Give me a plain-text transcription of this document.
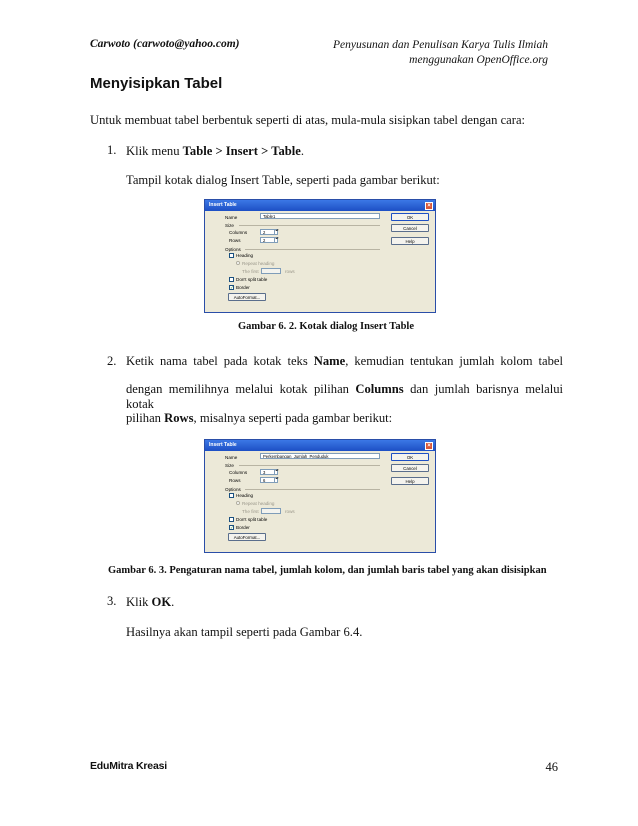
Carwoto (carwoto@yahoo.com)	Penyusunan dan Penulisan Karya Tulis Ilmiah
menggunakan OpenOffice.org
Menyisipkan Tabel
Untuk membuat tabel berbentuk seperti di atas, mula-mula sisipkan tabel dengan cara:
1. Klik menu Table > Insert > Table.
Tampil kotak dialog Insert Table, seperti pada gambar berikut:
Insert Table	×
Name	Table1
Size
Columns	2	▴▾
Rows	2	▴▾
Options
Heading
Repeat heading
The first	rows
Don't split table
✓ Border
AutoFormat...
OK
Cancel
Help
Gambar 6. 2. Kotak dialog Insert Table
2. Ketik nama tabel pada kotak teks Name, kemudian tentukan jumlah kolom tabel
dengan memilihnya melalui kotak pilihan Columns dan jumlah barisnya melalui kotak
pilihan Rows, misalnya seperti pada gambar berikut:
Insert Table	×
Name	Perkembangan_Jumlah_Penduduk
Size
Columns	3	▴▾
Rows	6	▴▾
Options
Heading
Repeat heading
The first	rows
Don't split table
✓ Border
AutoFormat...
OK
Cancel
Help
Gambar 6. 3. Pengaturan nama tabel, jumlah kolom, dan jumlah baris tabel yang akan disisipkan
3. Klik OK.
Hasilnya akan tampil seperti pada Gambar 6.4.
EduMitra Kreasi	46
